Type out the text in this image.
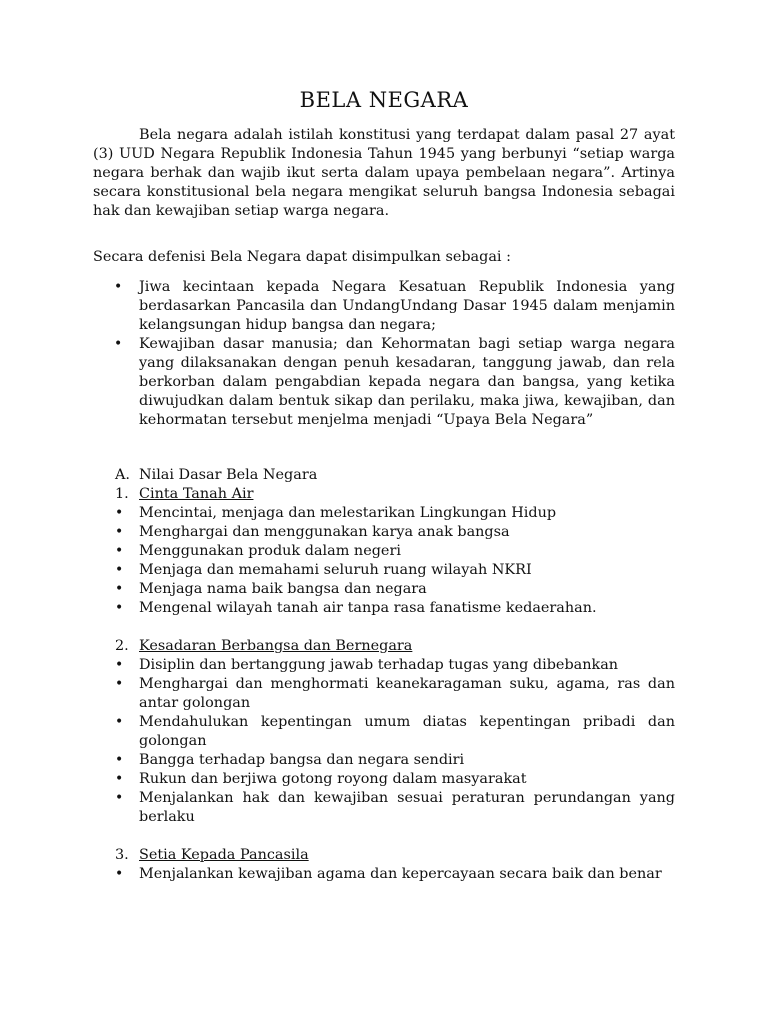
BELA NEGARA
Bela negara adalah istilah konstitusi yang terdapat dalam pasal 27 ayat (3) UUD Negara Republik Indonesia Tahun 1945 yang berbunyi “setiap warga negara berhak dan wajib ikut serta dalam upaya pembelaan negara”. Artinya secara konstitusional bela negara mengikat seluruh bangsa Indonesia sebagai hak dan kewajiban setiap warga negara.
Secara defenisi Bela Negara dapat disimpulkan sebagai :
• Jiwa kecintaan kepada Negara Kesatuan Republik Indonesia yang berdasarkan Pancasila dan UndangUndang Dasar 1945 dalam menjamin kelangsungan hidup bangsa dan negara;
• Kewajiban dasar manusia; dan Kehormatan bagi setiap warga negara yang dilaksanakan dengan penuh kesadaran, tanggung jawab, dan rela berkorban dalam pengabdian kepada negara dan bangsa, yang ketika diwujudkan dalam bentuk sikap dan perilaku, maka jiwa, kewajiban, dan kehormatan tersebut menjelma menjadi “Upaya Bela Negara”
A. Nilai Dasar Bela Negara
1. Cinta Tanah Air
• Mencintai, menjaga dan melestarikan Lingkungan Hidup
• Menghargai dan menggunakan karya anak bangsa
• Menggunakan produk dalam negeri
• Menjaga dan memahami seluruh ruang wilayah NKRI
• Menjaga nama baik bangsa dan negara
• Mengenal wilayah tanah air tanpa rasa fanatisme kedaerahan.
2. Kesadaran Berbangsa dan Bernegara
• Disiplin dan bertanggung jawab terhadap tugas yang dibebankan
• Menghargai dan menghormati keanekaragaman suku, agama, ras dan antar golongan
• Mendahulukan kepentingan umum diatas kepentingan pribadi dan golongan
• Bangga terhadap bangsa dan negara sendiri
• Rukun dan berjiwa gotong royong dalam masyarakat
• Menjalankan hak dan kewajiban sesuai peraturan perundangan yang berlaku
3. Setia Kepada Pancasila
• Menjalankan kewajiban agama dan kepercayaan secara baik dan benar
